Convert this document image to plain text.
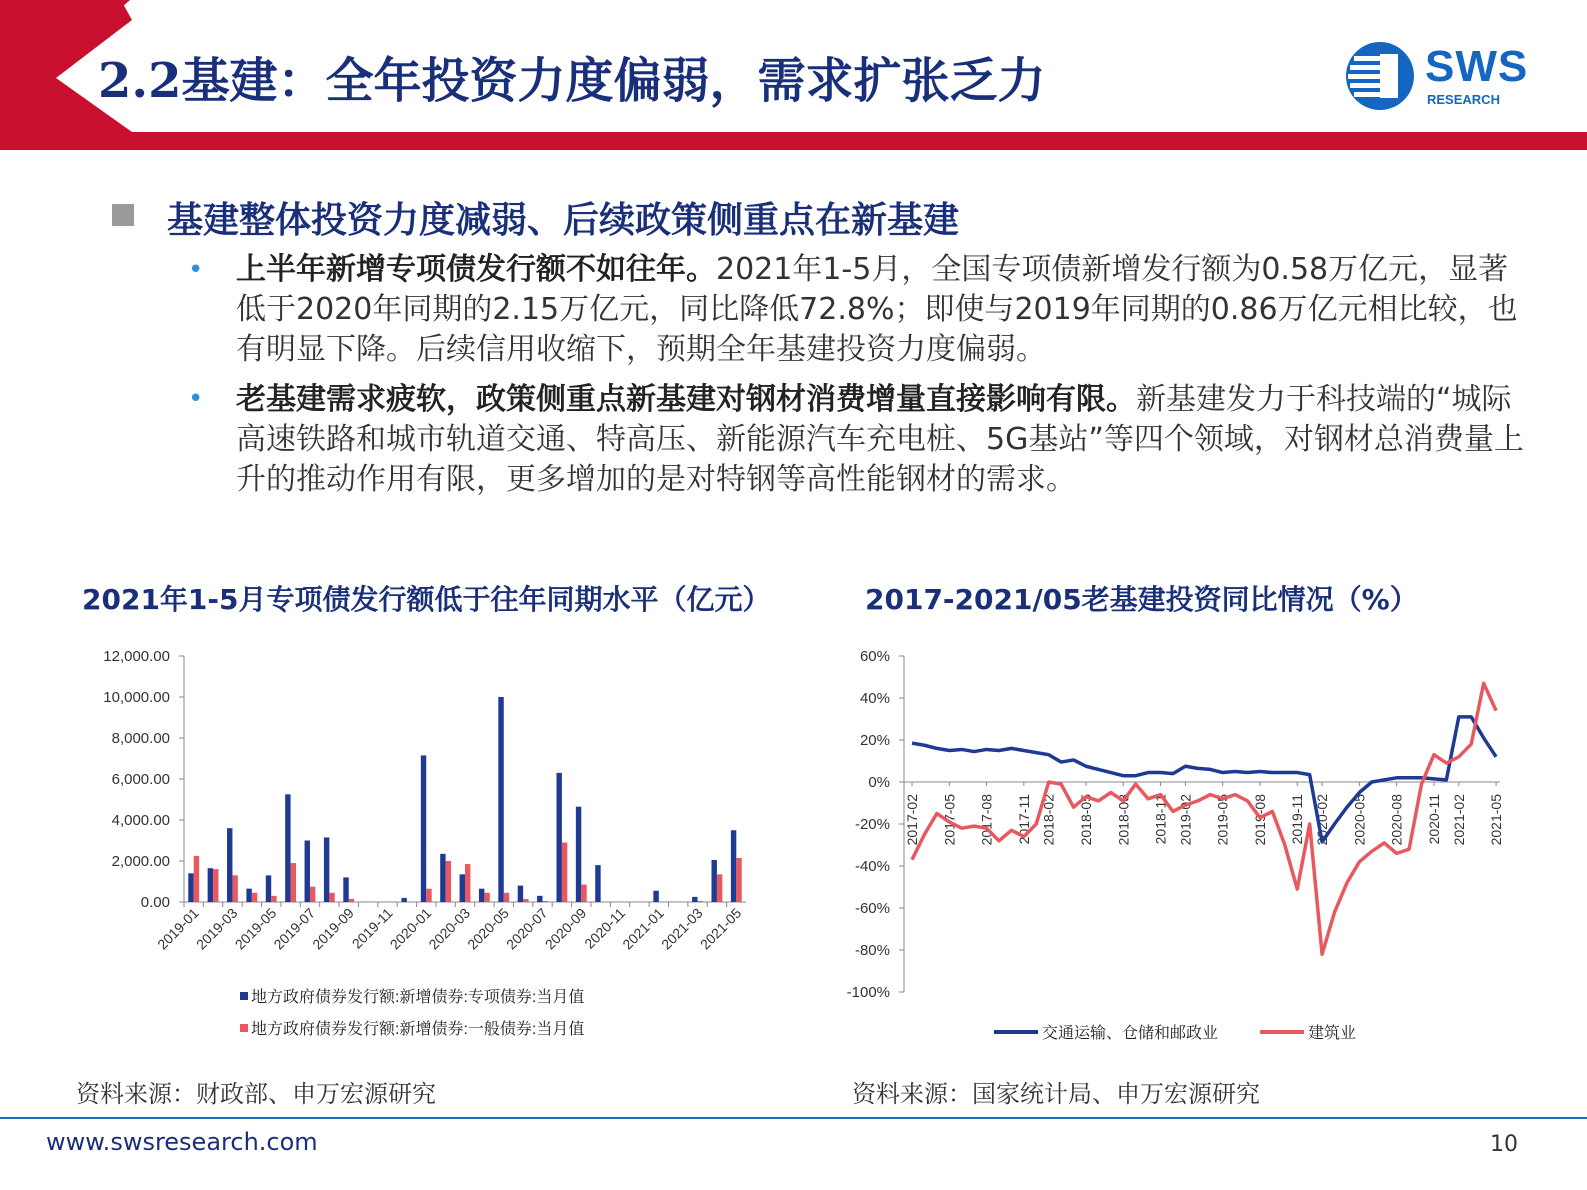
2.2基建：全年投资力度偏弱，需求扩张乏力	SWS
RESEARCH
基建整体投资力度减弱、后续政策侧重点在新基建
• 上半年新增专项债发行额不如往年。2021年1-5月，全国专项债新增发行额为0.58万亿元，显著低于2020年同期的2.15万亿元，同比降低72.8%；即使与2019年同期的0.86万亿元相比较，也有明显下降。后续信用收缩下，预期全年基建投资力度偏弱。
• 老基建需求疲软，政策侧重点新基建对钢材消费增量直接影响有限。新基建发力于科技端的“城际高速铁路和城市轨道交通、特高压、新能源汽车充电桩、5G基站”等四个领域，对钢材总消费量上升的推动作用有限，更多增加的是对特钢等高性能钢材的需求。
2021年1-5月专项债发行额低于往年同期水平（亿元）	2017-2021/05老基建投资同比情况（%）
0.00
2,000.00
4,000.00
6,000.00
8,000.00
10,000.00
12,000.00
2019-01
2019-03
2019-05
2019-07
2019-09
2019-11
2020-01
2020-03
2020-05
2020-07
2020-09
2020-11
2021-01
2021-03
2021-05
地方政府债券发行额:新增债券:专项债券:当月值
地方政府债券发行额:新增债券:一般债券:当月值
-100%
-80%
-60%
-40%
-20%
0%
20%
40%
60%
2017-02 2017-05 2017-08 2017-11 2018-02 2018-05 2018-08 2018-11 2019-02 2019-05 2019-08 2019-11 2020-02 2020-05 2020-08 2020-11 2021-02 2021-05
交通运输、仓储和邮政业	建筑业
资料来源：财政部、申万宏源研究	资料来源：国家统计局、申万宏源研究
www.swsresearch.com	10
